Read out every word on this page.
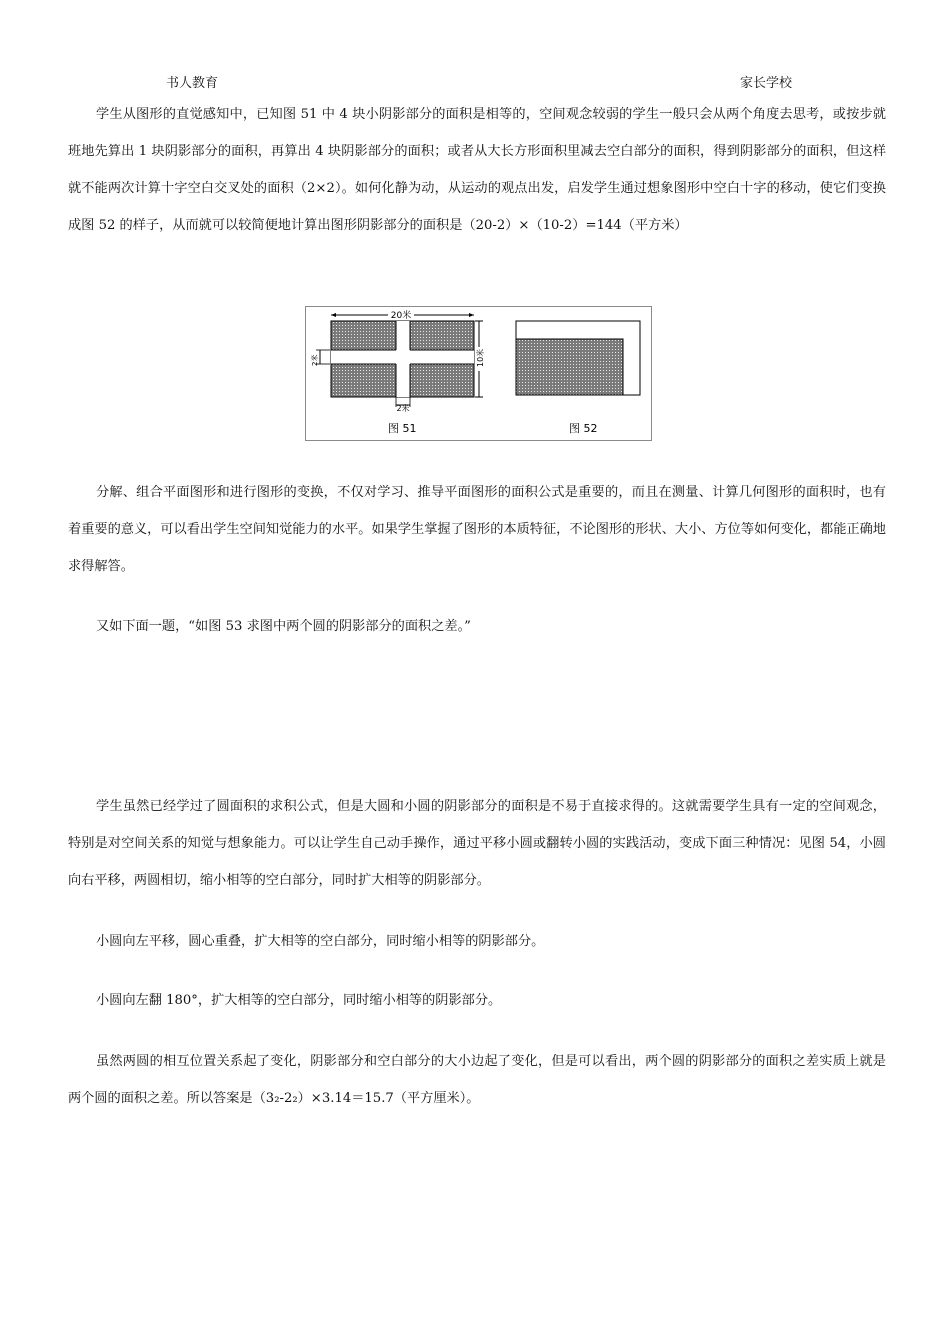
书人教育	家长学校

学生从图形的直觉感知中，已知图 51 中 4 块小阴影部分的面积是相等的，空间观念较弱的学生一般只会从两个角度去思考，或按步就班地先算出 1 块阴影部分的面积，再算出 4 块阴影部分的面积；或者从大长方形面积里减去空白部分的面积，得到阴影部分的面积，但这样就不能两次计算十字空白交叉处的面积（2×2）。如何化静为动，从运动的观点出发，启发学生通过想象图形中空白十字的移动，使它们变换成图 52 的样子，从而就可以较简便地计算出图形阴影部分的面积是（20-2）×（10-2）=144（平方米）

20米
10米
2米
2米
图 51	图 52

分解、组合平面图形和进行图形的变换，不仅对学习、推导平面图形的面积公式是重要的，而且在测量、计算几何图形的面积时，也有着重要的意义，可以看出学生空间知觉能力的水平。如果学生掌握了图形的本质特征，不论图形的形状、大小、方位等如何变化，都能正确地求得解答。

又如下面一题，“如图 53 求图中两个圆的阴影部分的面积之差。”

学生虽然已经学过了圆面积的求积公式，但是大圆和小圆的阴影部分的面积是不易于直接求得的。这就需要学生具有一定的空间观念，特别是对空间关系的知觉与想象能力。可以让学生自己动手操作，通过平移小圆或翻转小圆的实践活动，变成下面三种情况：见图 54，小圆向右平移，两圆相切，缩小相等的空白部分，同时扩大相等的阴影部分。

小圆向左平移，圆心重叠，扩大相等的空白部分，同时缩小相等的阴影部分。

小圆向左翻 180°，扩大相等的空白部分，同时缩小相等的阴影部分。

虽然两圆的相互位置关系起了变化，阴影部分和空白部分的大小边起了变化，但是可以看出，两个圆的阴影部分的面积之差实质上就是两个圆的面积之差。所以答案是（3₂-2₂）×3.14＝15.7（平方厘米）。
